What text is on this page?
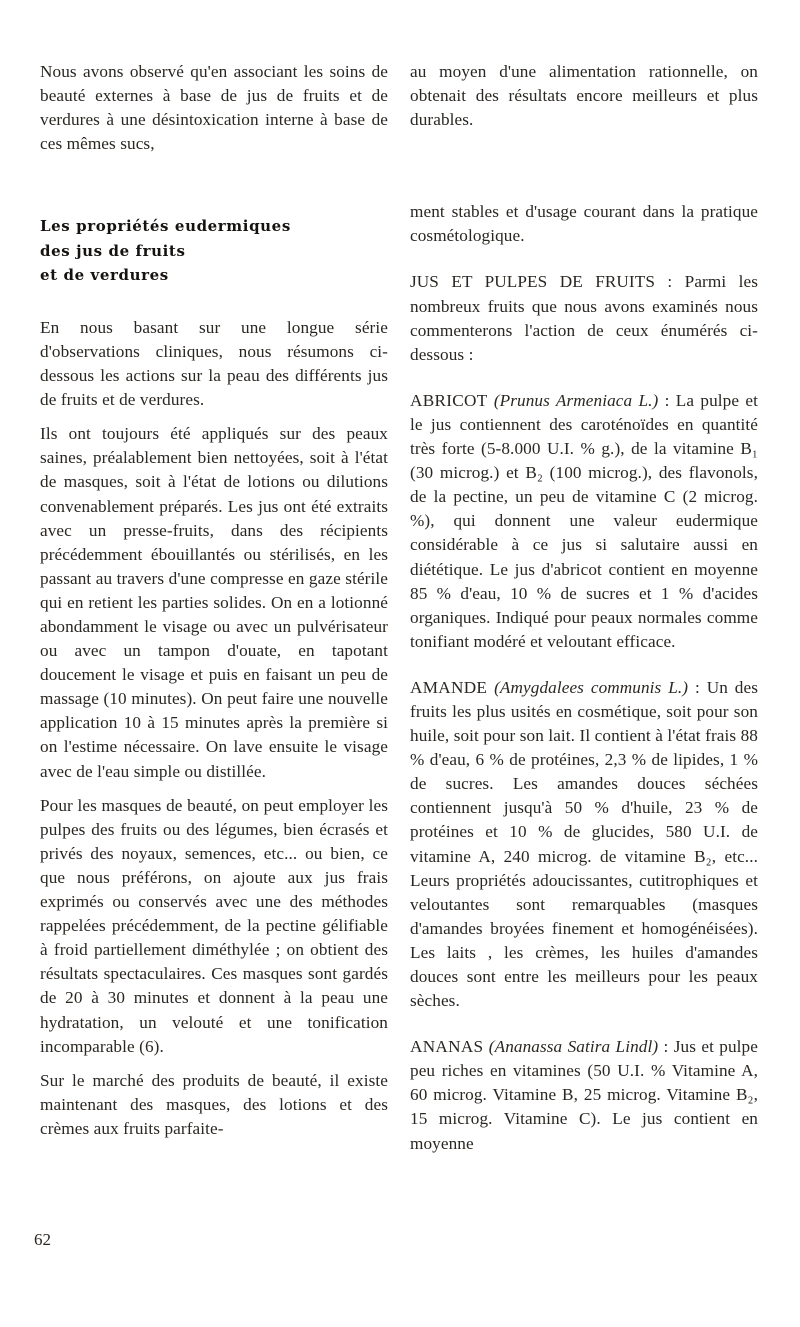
Nous avons observé qu'en associant les soins de beauté externes à base de jus de fruits et de verdures à une désintoxication interne à base de ces mêmes sucs,

Les propriétés eudermiques
des jus de fruits
et de verdures

En nous basant sur une longue série d'observations cliniques, nous résumons ci-dessous les actions sur la peau des différents jus de fruits et de verdures.

Ils ont toujours été appliqués sur des peaux saines, préalablement bien nettoyées, soit à l'état de masques, soit à l'état de lotions ou dilutions convenablement préparés. Les jus ont été extraits avec un presse-fruits, dans des récipients précédemment ébouillantés ou stérilisés, en les passant au travers d'une compresse en gaze stérile qui en retient les parties solides. On en a lotionné abondamment le visage ou avec un pulvérisateur ou avec un tampon d'ouate, en tapotant doucement le visage et puis en faisant un peu de massage (10 minutes). On peut faire une nouvelle application 10 à 15 minutes après la première si on l'estime nécessaire. On lave ensuite le visage avec de l'eau simple ou distillée.

Pour les masques de beauté, on peut employer les pulpes des fruits ou des légumes, bien écrasés et privés des noyaux, semences, etc... ou bien, ce que nous préférons, on ajoute aux jus frais exprimés ou conservés avec une des méthodes rappelées précédemment, de la pectine gélifiable à froid partiellement diméthylée ; on obtient des résultats spectaculaires. Ces masques sont gardés de 20 à 30 minutes et donnent à la peau une hydratation, un velouté et une tonification incomparable (6).

Sur le marché des produits de beauté, il existe maintenant des masques, des lotions et des crèmes aux fruits parfaite-

au moyen d'une alimentation rationnelle, on obtenait des résultats encore meilleurs et plus durables.

ment stables et d'usage courant dans la pratique cosmétologique.

JUS ET PULPES DE FRUITS : Parmi les nombreux fruits que nous avons examinés nous commenterons l'action de ceux énumérés ci-dessous :

ABRICOT (Prunus Armeniaca L.) : La pulpe et le jus contiennent des caroténoïdes en quantité très forte (5-8.000 U.I. % g.), de la vitamine B₁ (30 microg.) et B₂ (100 microg.), des flavonols, de la pectine, un peu de vitamine C (2 microg. %), qui donnent une valeur eudermique considérable à ce jus si salutaire aussi en diététique. Le jus d'abricot contient en moyenne 85 % d'eau, 10 % de sucres et 1 % d'acides organiques. Indiqué pour peaux normales comme tonifiant modéré et veloutant efficace.

AMANDE (Amygdalees communis L.) : Un des fruits les plus usités en cosmétique, soit pour son huile, soit pour son lait. Il contient à l'état frais 88 % d'eau, 6 % de protéines, 2,3 % de lipides, 1 % de sucres. Les amandes douces séchées contiennent jusqu'à 50 % d'huile, 23 % de protéines et 10 % de glucides, 580 U.I. de vitamine A, 240 microg. de vitamine B₂, etc... Leurs propriétés adoucissantes, cutitrophiques et veloutantes sont remarquables (masques d'amandes broyées finement et homogénéisées). Les laits , les crèmes, les huiles d'amandes douces sont entre les meilleurs pour les peaux sèches.

ANANAS (Ananassa Satira Lindl) : Jus et pulpe peu riches en vitamines (50 U.I. % Vitamine A, 60 microg. Vitamine B, 25 microg. Vitamine B₂, 15 microg. Vitamine C). Le jus contient en moyenne

62
